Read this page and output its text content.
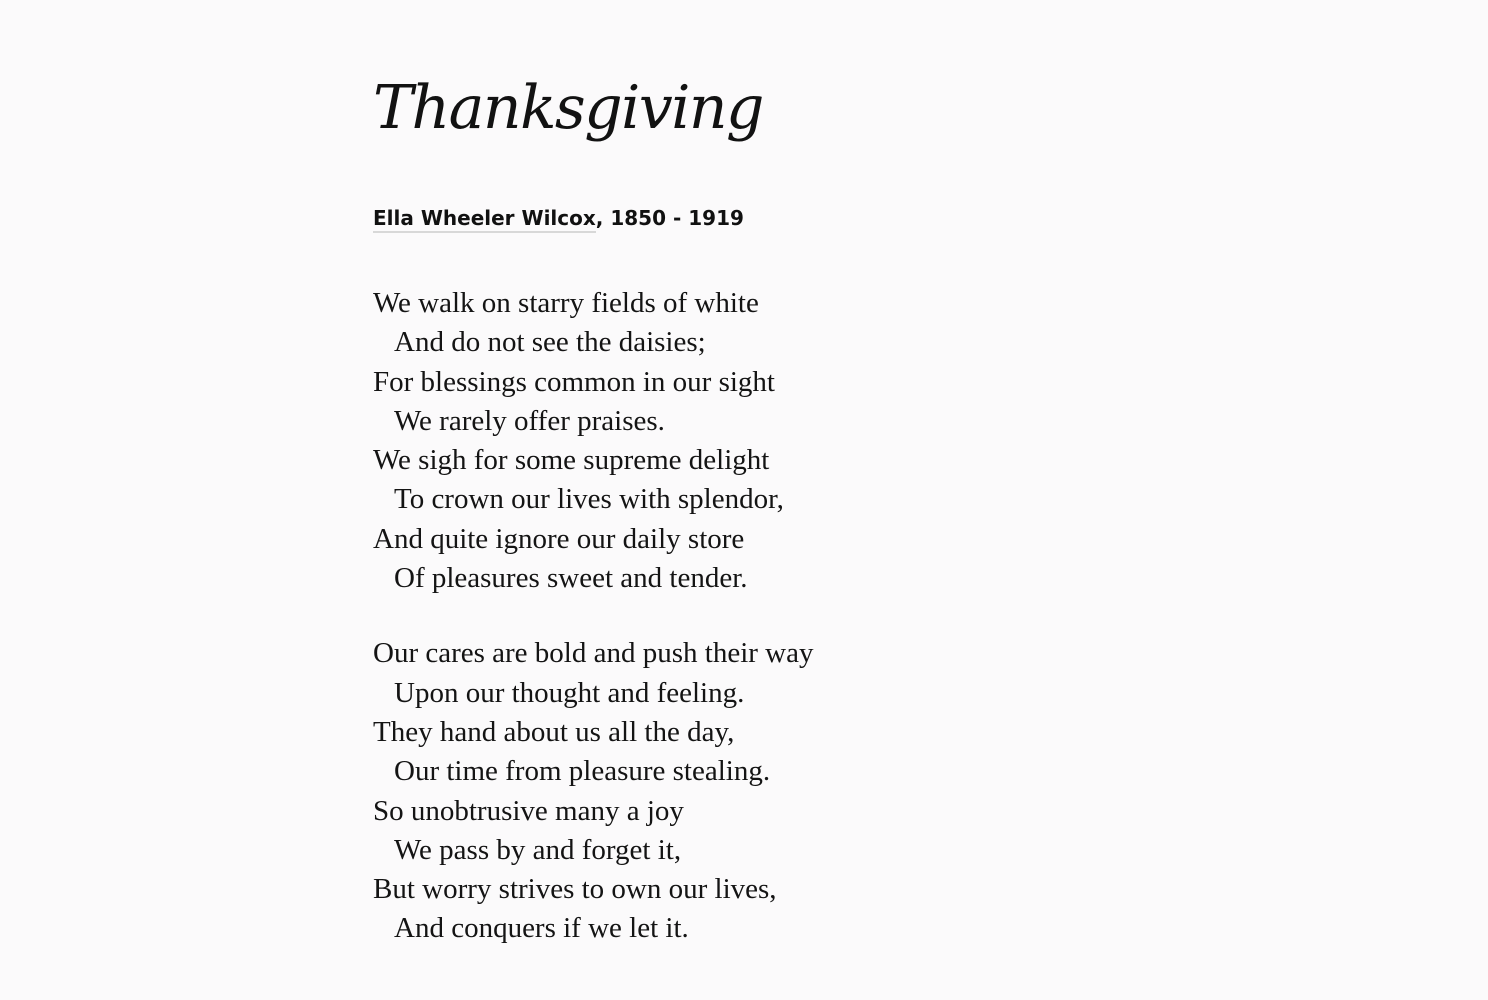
Thanksgiving
Ella Wheeler Wilcox, 1850 - 1919
We walk on starry fields of white
And do not see the daisies;
For blessings common in our sight
We rarely offer praises.
We sigh for some supreme delight
To crown our lives with splendor,
And quite ignore our daily store
Of pleasures sweet and tender.
Our cares are bold and push their way
Upon our thought and feeling.
They hand about us all the day,
Our time from pleasure stealing.
So unobtrusive many a joy
We pass by and forget it,
But worry strives to own our lives,
And conquers if we let it.
